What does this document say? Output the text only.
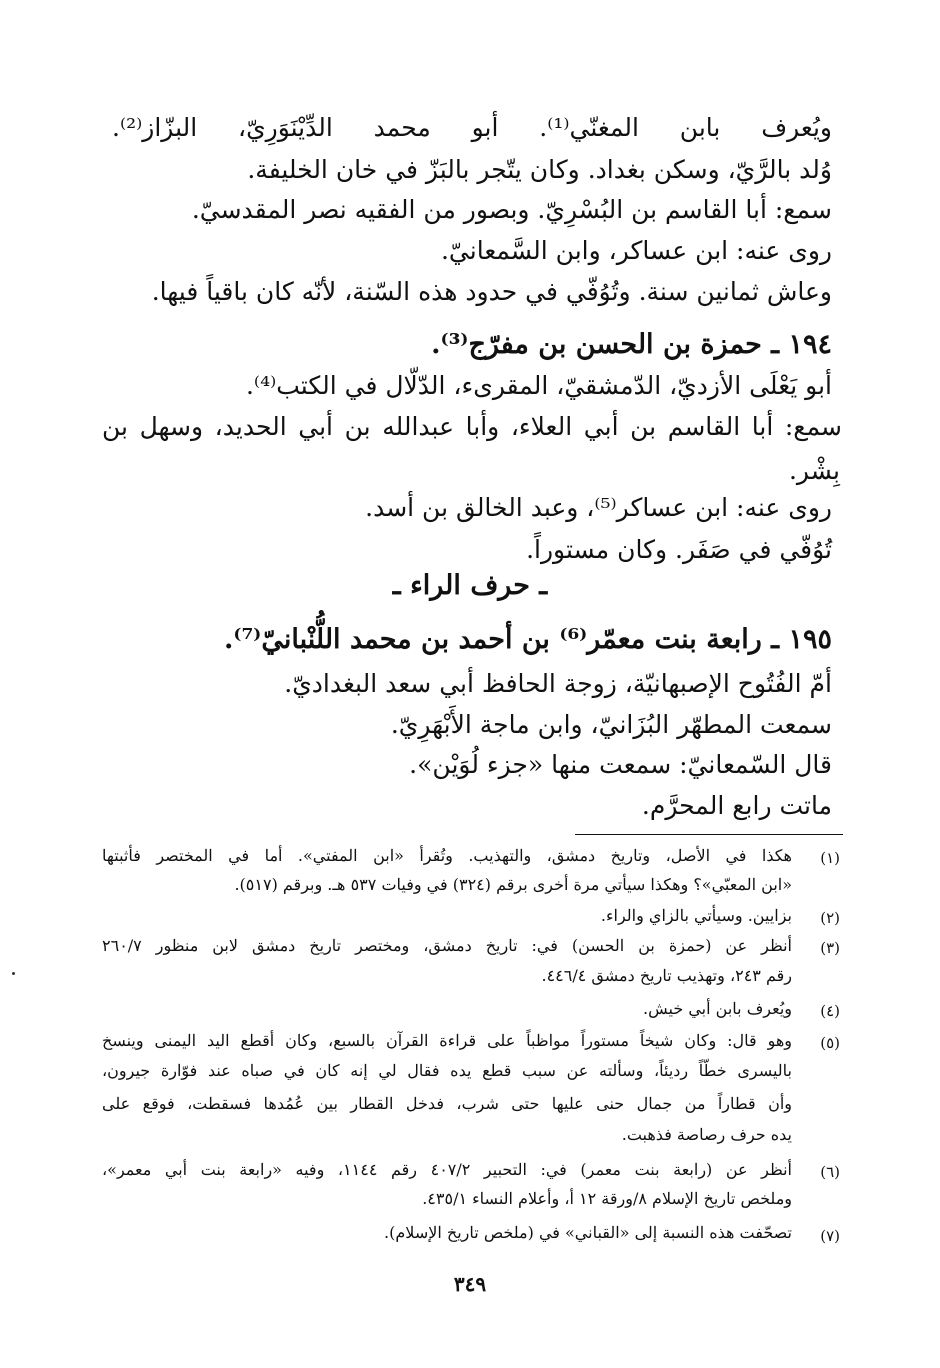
ويُعرف بابن المغنّي⁽¹⁾. أبو محمد الدِّيْنَوَرِيّ، البزّاز⁽²⁾.
وُلد بالرَّيّ، وسكن بغداد. وكان يتّجر بالبَزّ في خان الخليفة.
سمع: أبا القاسم بن البُسْرِيّ. وبصور من الفقيه نصر المقدسيّ.
روى عنه: ابن عساكر، وابن السَّمعانيّ.
وعاش ثمانين سنة. وتُوُفّي في حدود هذه السّنة، لأنّه كان باقياً فيها.
١٩٤ ـ حمزة بن الحسن بن مفرّج⁽³⁾.
أبو يَعْلَى الأزديّ، الدّمشقيّ، المقرىء، الدّلّال في الكتب⁽⁴⁾.
سمع: أبا القاسم بن أبي العلاء، وأبا عبدالله بن أبي الحديد، وسهل بن
بِشْر.
روى عنه: ابن عساكر⁽⁵⁾، وعبد الخالق بن أسد.
تُوُفّي في صَفَر. وكان مستوراً.
ـ حرف الراء ـ
١٩٥ ـ رابعة بنت معمّر⁽⁶⁾ بن أحمد بن محمد اللُّنْبانيّ⁽⁷⁾.
أمّ الفُتُوح الإصبهانيّة، زوجة الحافظ أبي سعد البغداديّ.
سمعت المطهّر البُزَانيّ، وابن ماجة الأَبْهَرِيّ.
قال السّمعانيّ: سمعت منها «جزء لُوَيْن».
ماتت رابع المحرَّم.
(١)
هكذا في الأصل، وتاريخ دمشق، والتهذيب. وتُقرأ «ابن المفتي». أما في المختصر فأثبتها
«ابن المعبّي»؟ وهكذا سيأتي مرة أخرى برقم (٣٢٤) في وفيات ٥٣٧ هـ. وبرقم (٥١٧).
(٢)
بزايين. وسيأتي بالزاي والراء.
(٣)
أنظر عن (حمزة بن الحسن) في: تاريخ دمشق، ومختصر تاريخ دمشق لابن منظور ٢٦٠/٧
رقم ٢٤٣، وتهذيب تاريخ دمشق ٤٤٦/٤.
(٤)
ويُعرف بابن أبي خيش.
(٥)
وهو قال: وكان شيخاً مستوراً مواظباً على قراءة القرآن بالسبع، وكان أقطع اليد اليمنى وينسخ
باليسرى خطّاً رديئاً، وسألته عن سبب قطع يده فقال لي إنه كان في صباه عند فوّارة جيرون،
وأن قطاراً من جمال حنى عليها حتى شرب، فدخل القطار بين عُمُدها فسقطت، فوقع على
يده حرف رصاصة فذهبت.
(٦)
أنظر عن (رابعة بنت معمر) في: التحبير ٤٠٧/٢ رقم ١١٤٤، وفيه «رابعة بنت أبي معمر»،
وملخص تاريخ الإسلام ٨/ورقة ١٢ أ، وأعلام النساء ٤٣٥/١.
(٧)
تصحّفت هذه النسبة إلى «القباني» في (ملخص تاريخ الإسلام).
٣٤٩
